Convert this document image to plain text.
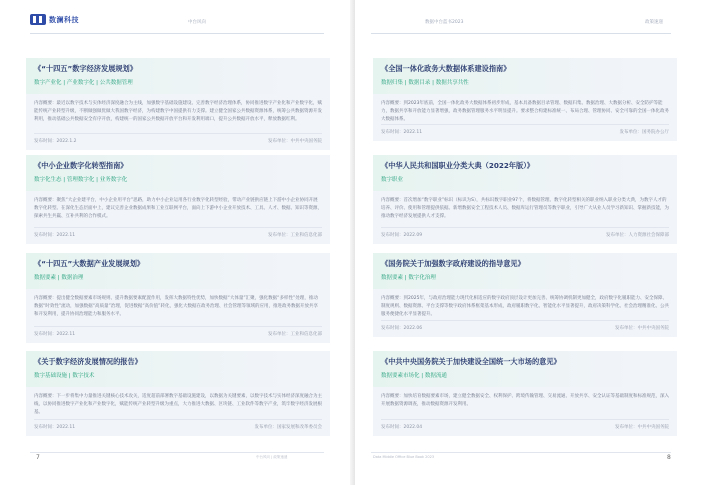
数澜科技	中台风向
《“十四五”数字经济发展规划》
数字产业化 | 产业数字化 | 公共数据管理
内容概要：最近以数字技术与实体经济深度融合为主线，加强数字基础设施建设、完善数字经济治理体系，协同推进数字产业化和产业数字化，赋能传统产业转型升级，不断做强做优做大我国数字经济，为构建数字中国提供有力支撑。建立健全国家公共数据资源体系，统筹公共数据资源开发利用，推动基础公共数据安全有序开放，构建统一的国家公共数据开放平台和开发利用端口，提升公共数据开放水平，释放数据红利。
发布时间：2022.1.2	发布单位：中共中央国务院
《中小企业数字化转型指南》
数字化生态 | 管理数字化 | 业务数字化
内容概要：聚焦“大企业建平台，中小企业用平台”思路，助力中小企业运用各行业数字化转型经验，带动产业链供应链上下游中小企业协同开展数字化转型。在深化生态层面中上，建议完善企业数据成果和工业互联网平台，面向上下游中小企业开放技术、工具、人才、数据、知识等资源，探索共生共赢、互补共利的合作模式。
发布时间：2022.11	发布单位：工业和信息化部
《“十四五”大数据产业发展规划》
数据要素 | 数据治理
内容概要：提出健全数据要素市场规则、提升数据要素配置作用，发挥大数据特性优势，加快数据“大体量”汇聚，强化数据“多样性”处理，推动数据“时效性”流动，加强数据“高质量”治理，促进数据“高价值”转化，强化大数据在政务治理、社会管理等领域的应用，推进政务数据开放共享和开发利用，提升协同治理能力和服务水平。
发布时间：2022.11	发布单位：工业和信息化部
《关于数字经济发展情况的报告》
数字基础设施 | 数字技术
内容概要：下一步将集中力量推进关键核心技术攻关，适度超前部署数字基础设施建设，以数据为关键要素，以数字技术与实体经济深度融合为主线，以协同推进数字产业化和产业数字化，赋能传统产业转型升级为重点，大力推进大数据、区块链、工业软件等数字产业，筑牢数字经济发展根基。
发布时间：2022.11	发布单位：国家发展和改革委员会
7	中台风向 | 政策速递
数据中台蓝书2023	政策速递
《全国一体化政务大数据体系建设指南》
数据归集 | 数据目录 | 数据共享共性
内容概要：到2023年底前，全国一体化政务大数据体系初步形成，基本具备数据目录管理、数据归集、数据治理、大数据分析、安全防护等能力，数据共享和开放能力显著增强，政务数据管理服务水平明显提升。要求整合构建标准统一、布局合理、管理协同、安全可靠的全国一体化政务大数据体系。
发布时间：2022.11	发布单位：国务院办公厅
《中华人民共和国职业分类大典（2022年版）》
数字职业
内容概要：首次增加“数字职业”标识（标识为S），共标识数字职业97个，将数据管理、数字化转型相关的职业纳入职业分类大典，为数字人才的培养、评价、使用和管理提供依据。新增数据安全工程技术人员、数据库运行管理员等数字职业，引导广大从业人员学习新知识、掌握新技能，为推动数字经济发展提供人才支撑。
发布时间：2022.09	发布单位：人力资源社会保障部
《国务院关于加强数字政府建设的指导意见》
数据要素 | 数字化治理
内容概要：到2025年，与政府治理能力现代化相适应的数字政府顶层设计更加完善、统筹协调机制更加健全，政府数字化履职能力、安全保障、制度规则、数据资源、平台支撑等数字政府体系框架基本形成，政府履职数字化、智能化水平显著提升，政府决策科学化、社会治理精准化、公共服务便捷化水平显著提升。
发布时间：2022.06	发布单位：中共中央国务院
《中共中央国务院关于加快建设全国统一大市场的意见》
数据要素市场化 | 数据流通
内容概要：加快培育数据要素市场，建立健全数据安全、权利保护、跨境传输管理、交易流通、开放共享、安全认证等基础制度和标准规范，深入开展数据资源调查，推动数据资源开发利用。
发布时间：2022.04	发布单位：中共中央国务院
Data Middle Office Blue Book 2023	8
